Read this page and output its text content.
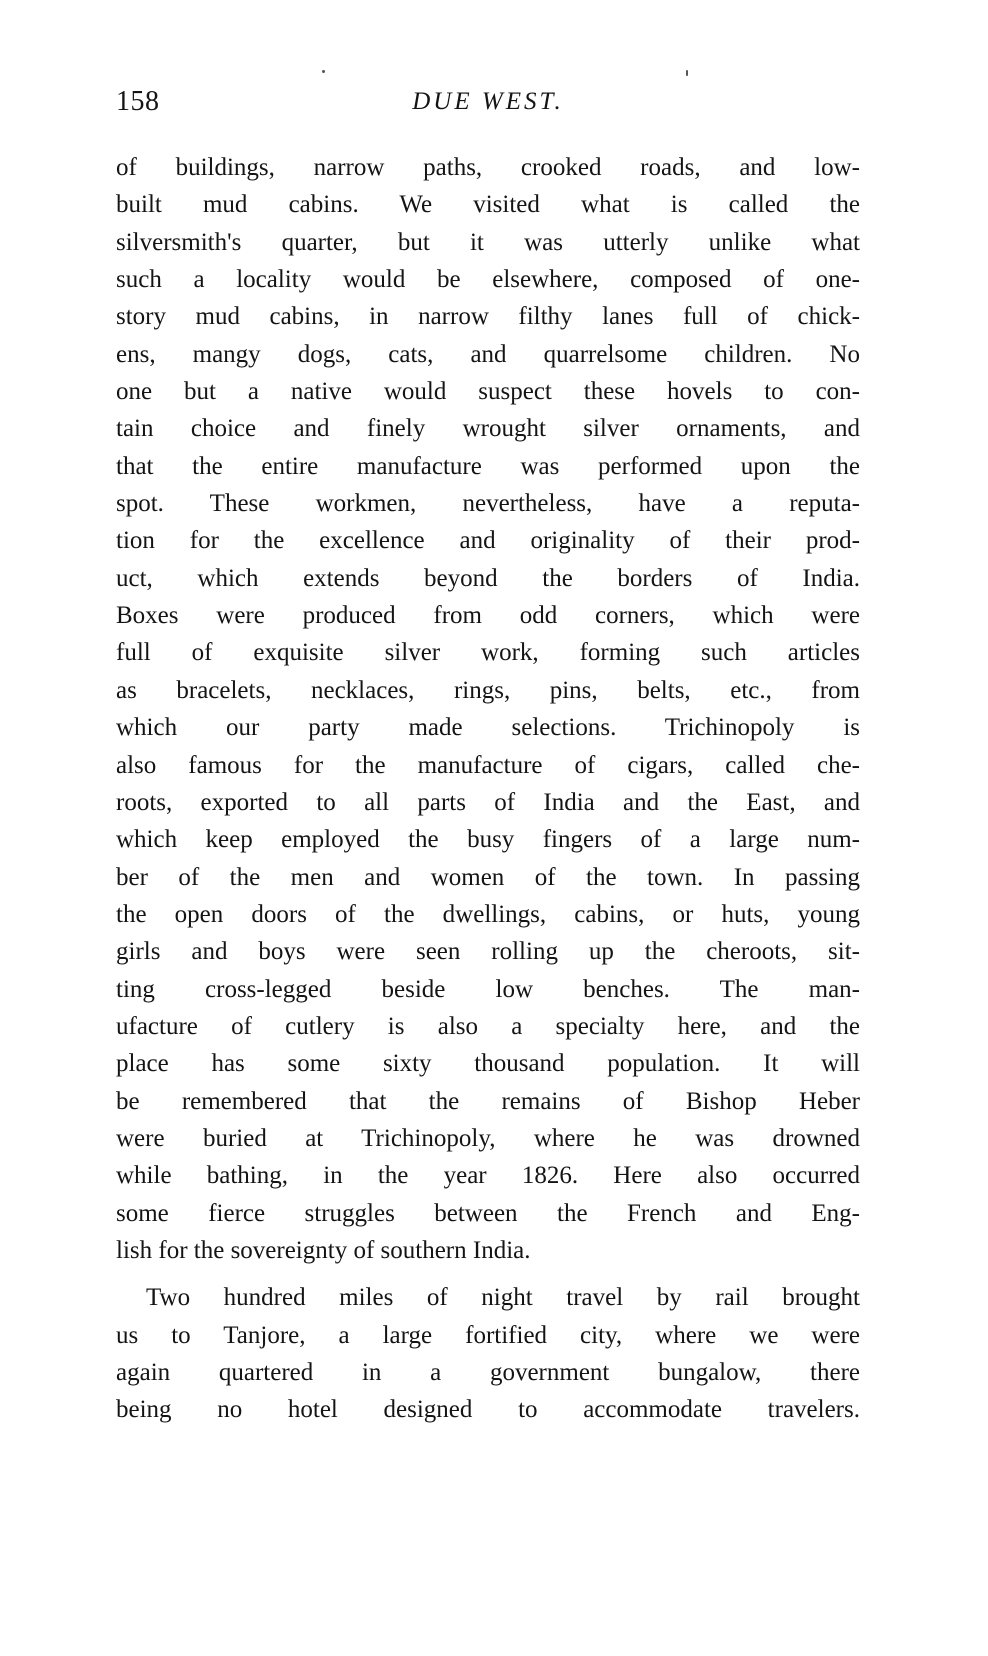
158	DUE WEST.
of buildings, narrow paths, crooked roads, and low-
built mud cabins. We visited what is called the
silversmith's quarter, but it was utterly unlike what
such a locality would be elsewhere, composed of one-
story mud cabins, in narrow filthy lanes full of chick-
ens, mangy dogs, cats, and quarrelsome children. No
one but a native would suspect these hovels to con-
tain choice and finely wrought silver ornaments, and
that the entire manufacture was performed upon the
spot. These workmen, nevertheless, have a reputa-
tion for the excellence and originality of their prod-
uct, which extends beyond the borders of India.
Boxes were produced from odd corners, which were
full of exquisite silver work, forming such articles
as bracelets, necklaces, rings, pins, belts, etc., from
which our party made selections. Trichinopoly is
also famous for the manufacture of cigars, called che-
roots, exported to all parts of India and the East, and
which keep employed the busy fingers of a large num-
ber of the men and women of the town. In passing
the open doors of the dwellings, cabins, or huts, young
girls and boys were seen rolling up the cheroots, sit-
ting cross-legged beside low benches. The man-
ufacture of cutlery is also a specialty here, and the
place has some sixty thousand population. It will
be remembered that the remains of Bishop Heber
were buried at Trichinopoly, where he was drowned
while bathing, in the year 1826. Here also occurred
some fierce struggles between the French and Eng-
lish for the sovereignty of southern India.
Two hundred miles of night travel by rail brought
us to Tanjore, a large fortified city, where we were
again quartered in a government bungalow, there
being no hotel designed to accommodate travelers.
